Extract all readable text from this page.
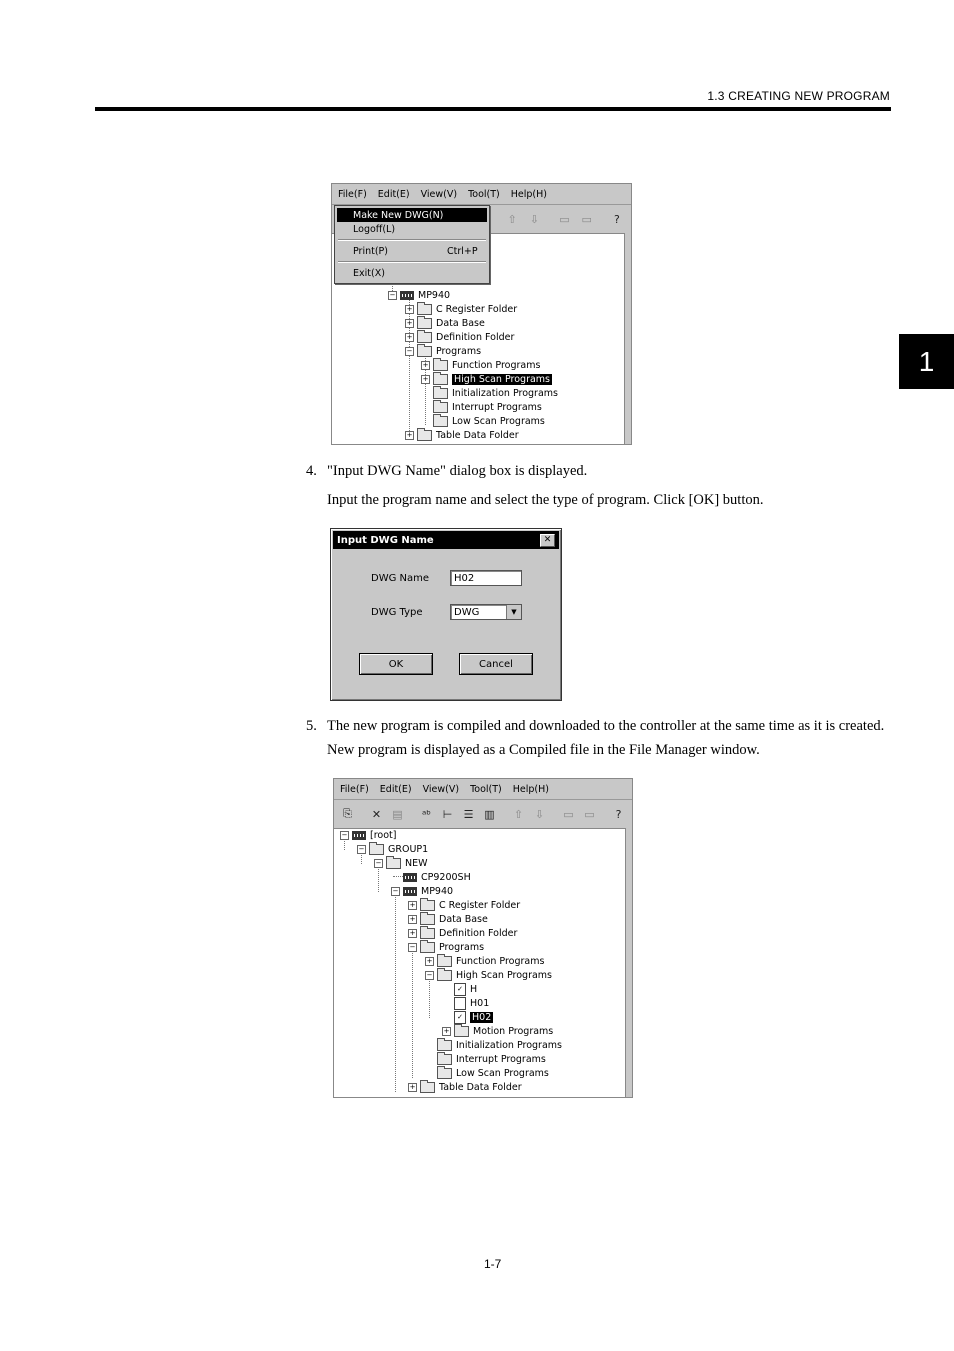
1.3 CREATING NEW PROGRAM
1
File(F) Edit(E) View(V) Tool(T) Help(H)
⇧	⇩	▭ ▭	?
− MP940
+ C Register Folder
+ Data Base
+ Definition Folder
− Programs
+ Function Programs
+	High Scan Programs
Initialization Programs
Interrupt Programs
Low Scan Programs
+ Table Data Folder
Make New DWG(N)
Logoff(L)
Print(P)	Ctrl+P
Exit(X)
4. "Input DWG Name" dialog box is displayed.

Input the program name and select the type of program. Click [OK] button.

Input DWG Name	✕
DWG Name	H02
DWG Type	DWG	▼
OK	Cancel
5. The new program is compiled and downloaded to the controller at the same time as it is created. New program is displayed as a Compiled file in the File Manager window.

File(F) Edit(E) View(V) Tool(T) Help(H)
⎘ ✕ ▤ ᵃᵇ ⊢ ☰ ▥ ⇧ ⇩ ▭ ▭	?
− [root]
− GROUP1
− NEW
CP9200SH
− MP940
+ C Register Folder
+ Data Base
+ Definition Folder
− Programs
+ Function Programs
− High Scan Programs
✓ H
H01
✓ H02
+ Motion Programs
Initialization Programs
Interrupt Programs
Low Scan Programs
+ Table Data Folder
1-7
